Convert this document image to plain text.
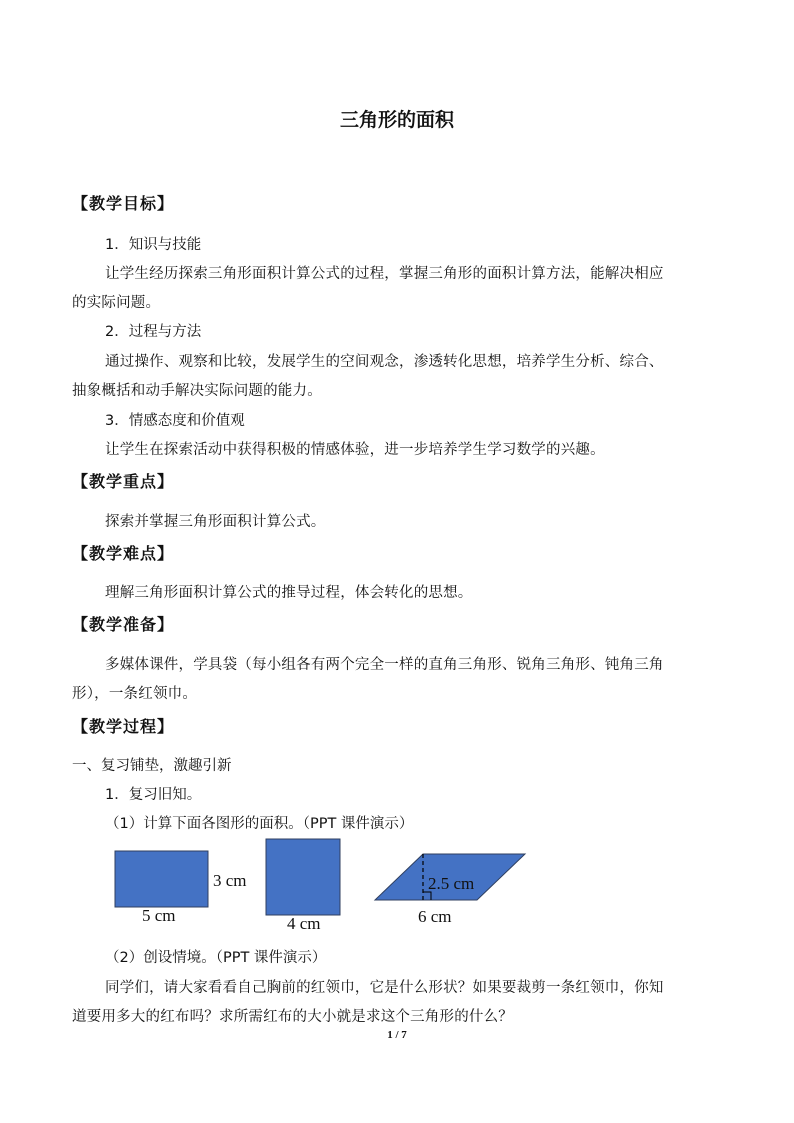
三角形的面积
【教学目标】
1．知识与技能
让学生经历探索三角形面积计算公式的过程，掌握三角形的面积计算方法，能解决相应
的实际问题。
2．过程与方法
通过操作、观察和比较，发展学生的空间观念，渗透转化思想，培养学生分析、综合、
抽象概括和动手解决实际问题的能力。
3．情感态度和价值观
让学生在探索活动中获得积极的情感体验，进一步培养学生学习数学的兴趣。
【教学重点】
探索并掌握三角形面积计算公式。
【教学难点】
理解三角形面积计算公式的推导过程，体会转化的思想。
【教学准备】
多媒体课件，学具袋（每小组各有两个完全一样的直角三角形、锐角三角形、钝角三角
形），一条红领巾。
【教学过程】
一、复习铺垫，激趣引新
1．复习旧知。
（1）计算下面各图形的面积。（PPT 课件演示）
3 cm
5 cm	4 cm
2.5 cm
6 cm
（2）创设情境。（PPT 课件演示）
同学们，请大家看看自己胸前的红领巾，它是什么形状？如果要裁剪一条红领巾，你知
道要用多大的红布吗？求所需红布的大小就是求这个三角形的什么？
1 / 7
